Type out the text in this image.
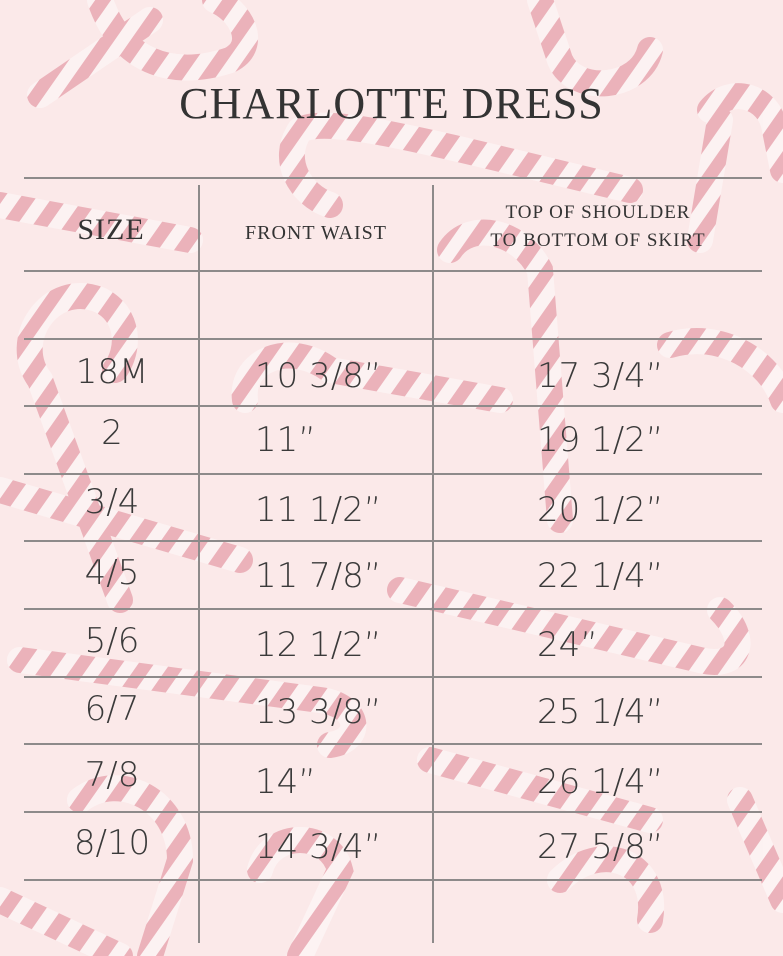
CHARLOTTE DRESS
SIZE	FRONT WAIST
TOP OF SHOULDER
TO BOTTOM OF SKIRT
18M	10 3/8”	17 3/4”
2	11”	19 1/2”
3/4	11 1/2”	20 1/2”
4/5	11 7/8”	22 1/4”
5/6	12 1/2”	24”
6/7	13 3/8”	25 1/4”
7/8	14”	26 1/4”
8/10	14 3/4”	27 5/8”
